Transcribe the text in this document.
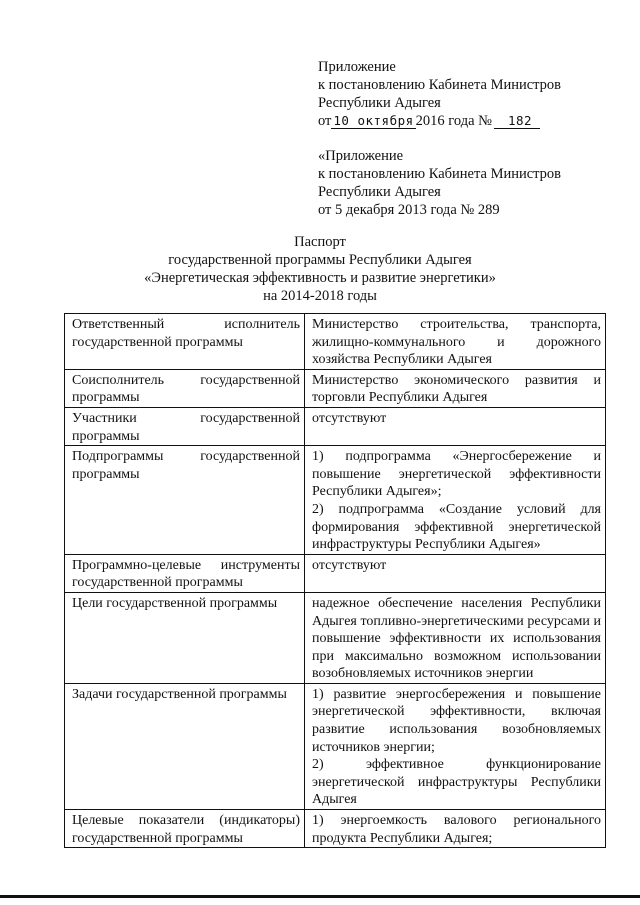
Приложение
к постановлению Кабинета Министров
Республики Адыгея
от 10 октября 2016 года № 182
«Приложение
к постановлению Кабинета Министров
Республики Адыгея
от 5 декабря 2013 года № 289
Паспорт
государственной программы Республики Адыгея
«Энергетическая эффективность и развитие энергетики»
на 2014-2018 годы
Ответственный исполнитель государственной программы	Министерство строительства, транспорта, жилищно-коммунального и дорожного хозяйства Республики Адыгея

Соисполнитель государственной программы	Министерство экономического развития и торговли Республики Адыгея

Участники государственной программы	отсутствуют

Подпрограммы государственной программы	1) подпрограмма «Энергосбережение и повышение энергетической эффективности Республики Адыгея»;
2) подпрограмма «Создание условий для формирования эффективной энергетической инфраструктуры Республики Адыгея»

Программно-целевые инструменты государственной программы	отсутствуют

Цели государственной программы	надежное обеспечение населения Республики Адыгея топливно-энергетическими ресурсами и повышение эффективности их использования при максимально возможном использовании возобновляемых источников энергии

Задачи государственной программы	1) развитие энергосбережения и повышение энергетической эффективности, включая развитие использования возобновляемых источников энергии;
2) эффективное функционирование энергетической инфраструктуры Республики Адыгея

Целевые показатели (индикаторы) государственной программы	1) энергоемкость валового регионального продукта Республики Адыгея;
